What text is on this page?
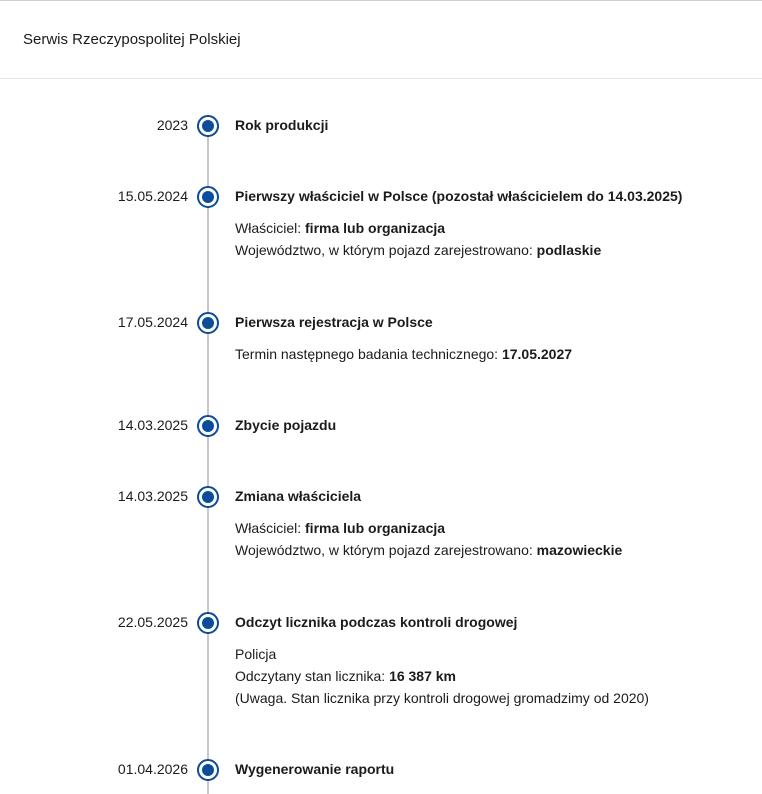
Serwis Rzeczypospolitej Polskiej
2023	Rok produkcji
15.05.2024	Pierwszy właściciel w Polsce (pozostał właścicielem do 14.03.2025)
Właściciel: firma lub organizacja
Województwo, w którym pojazd zarejestrowano: podlaskie
17.05.2024	Pierwsza rejestracja w Polsce
Termin następnego badania technicznego: 17.05.2027
14.03.2025	Zbycie pojazdu
14.03.2025	Zmiana właściciela
Właściciel: firma lub organizacja
Województwo, w którym pojazd zarejestrowano: mazowieckie
22.05.2025	Odczyt licznika podczas kontroli drogowej
Policja
Odczytany stan licznika: 16 387 km
(Uwaga. Stan licznika przy kontroli drogowej gromadzimy od 2020)
01.04.2026	Wygenerowanie raportu
